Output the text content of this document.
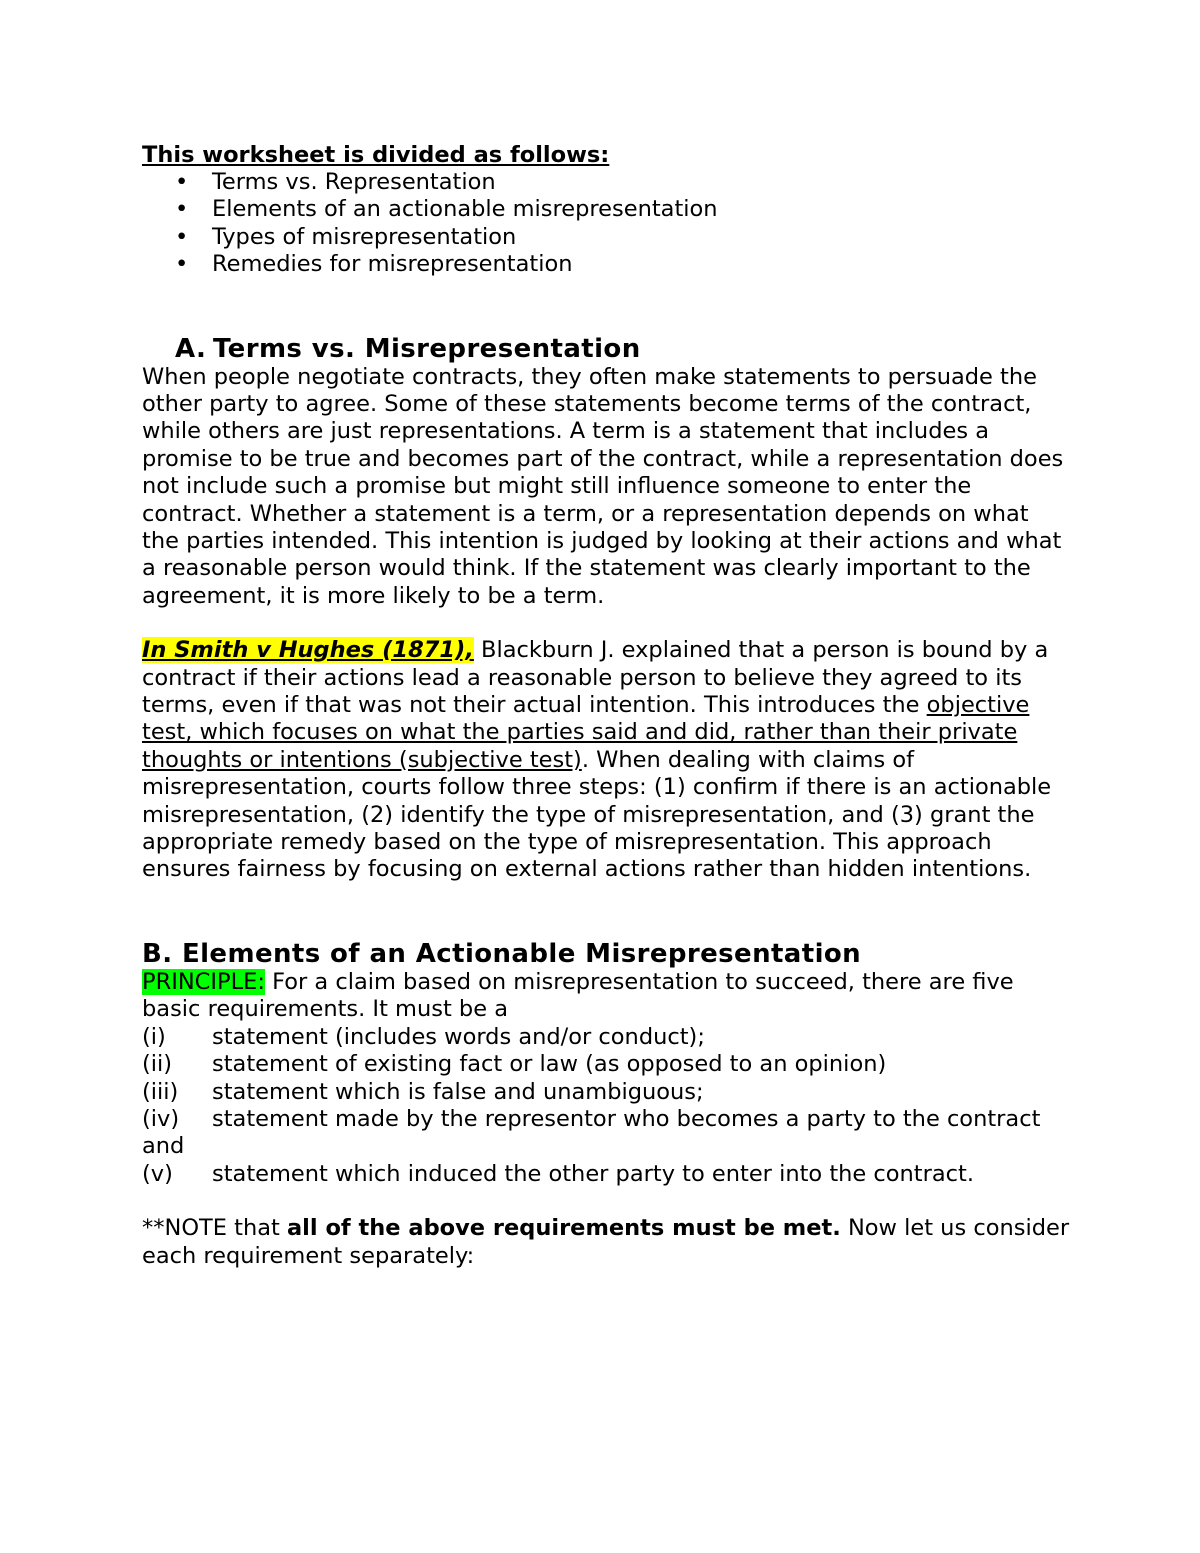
This worksheet is divided as follows:

• Terms vs. Representation
• Elements of an actionable misrepresentation
• Types of misrepresentation
• Remedies for misrepresentation
A. Terms vs. Misrepresentation

When people negotiate contracts, they often make statements to persuade the other party to agree. Some of these statements become terms of the contract, while others are just representations. A term is a statement that includes a promise to be true and becomes part of the contract, while a representation does not include such a promise but might still influence someone to enter the contract. Whether a statement is a term, or a representation depends on what the parties intended. This intention is judged by looking at their actions and what a reasonable person would think. If the statement was clearly important to the agreement, it is more likely to be a term.

In Smith v Hughes (1871), Blackburn J. explained that a person is bound by a contract if their actions lead a reasonable person to believe they agreed to its terms, even if that was not their actual intention. This introduces the objective test, which focuses on what the parties said and did, rather than their private thoughts or intentions (subjective test). When dealing with claims of misrepresentation, courts follow three steps: (1) confirm if there is an actionable misrepresentation, (2) identify the type of misrepresentation, and (3) grant the appropriate remedy based on the type of misrepresentation. This approach ensures fairness by focusing on external actions rather than hidden intentions.

B. Elements of an Actionable Misrepresentation

PRINCIPLE: For a claim based on misrepresentation to succeed, there are five basic requirements. It must be a

(i) statement (includes words and/or conduct);
(ii) statement of existing fact or law (as opposed to an opinion)
(iii) statement which is false and unambiguous;
(iv) statement made by the representor who becomes a party to the contract and
(v) statement which induced the other party to enter into the contract.

**NOTE that all of the above requirements must be met. Now let us consider each requirement separately:
